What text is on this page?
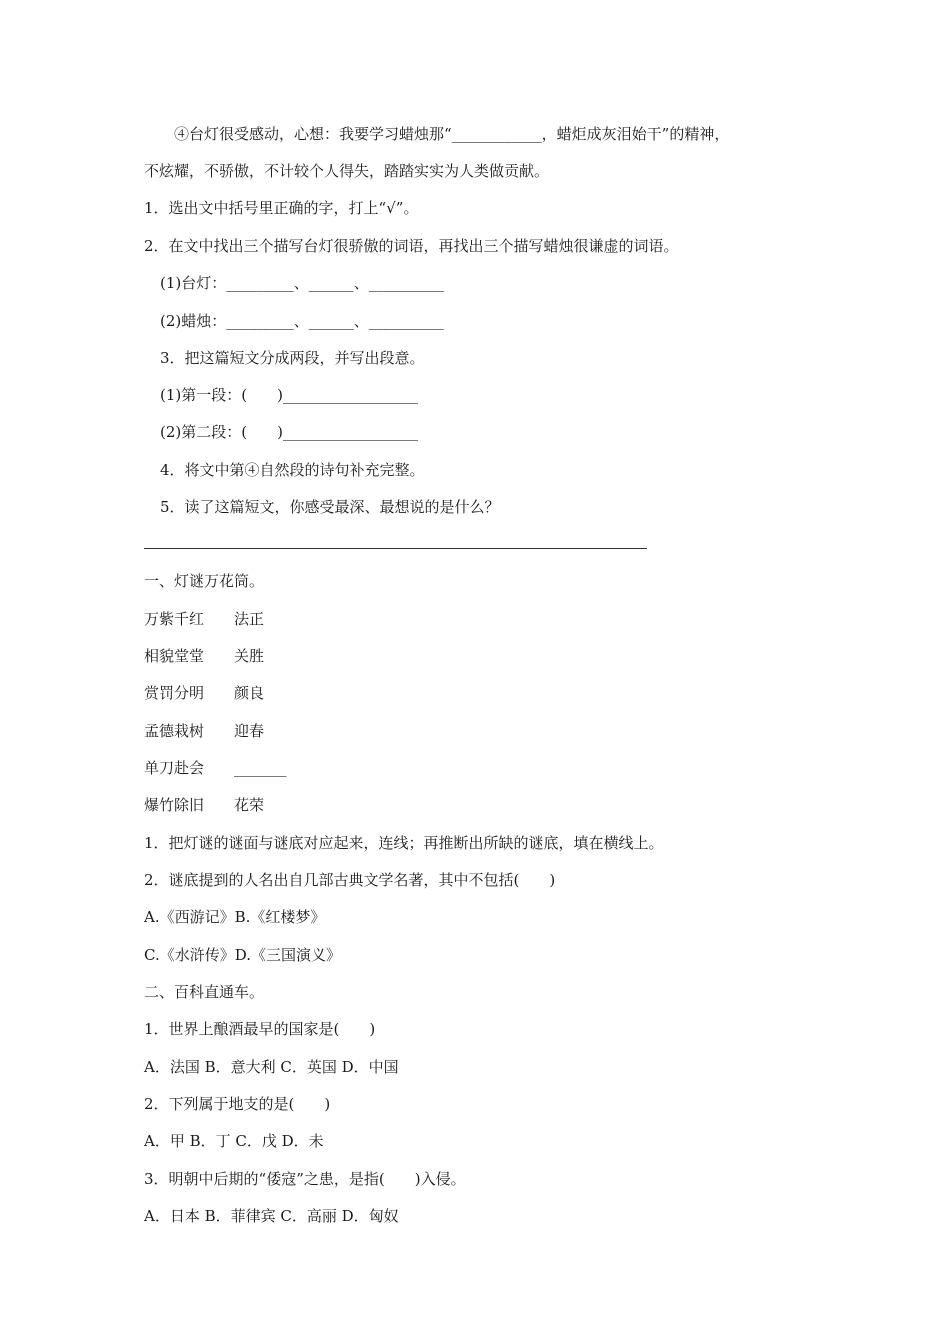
④台灯很受感动，心想：我要学习蜡烛那“____________，蜡炬成灰泪始干”的精神，
不炫耀，不骄傲，不计较个人得失，踏踏实实为人类做贡献。
1．选出文中括号里正确的字，打上“√”。
2．在文中找出三个描写台灯很骄傲的词语，再找出三个描写蜡烛很谦虚的词语。
(1)台灯：_________、______、__________
(2)蜡烛：_________、______、__________
3．把这篇短文分成两段，并写出段意。
(1)第一段：(　　)__________________
(2)第二段：(　　)__________________
4．将文中第④自然段的诗句补充完整。
5．读了这篇短文，你感受最深、最想说的是什么？
一、灯谜万花筒。
万紫千红　　法正
相貌堂堂　　关胜
赏罚分明　　颜良
孟德栽树　　迎春
单刀赴会　　_______
爆竹除旧　　花荣
1．把灯谜的谜面与谜底对应起来，连线；再推断出所缺的谜底，填在横线上。
2．谜底提到的人名出自几部古典文学名著，其中不包括(　　)
A.《西游记》B.《红楼梦》
C.《水浒传》D.《三国演义》
二、百科直通车。
1．世界上酿酒最早的国家是(　　)
A．法国 B．意大利 C．英国 D．中国
2．下列属于地支的是(　　)
A．甲 B．丁 C．戊 D．未
3．明朝中后期的“倭寇”之患，是指(　　)入侵。
A．日本 B．菲律宾 C．高丽 D．匈奴
